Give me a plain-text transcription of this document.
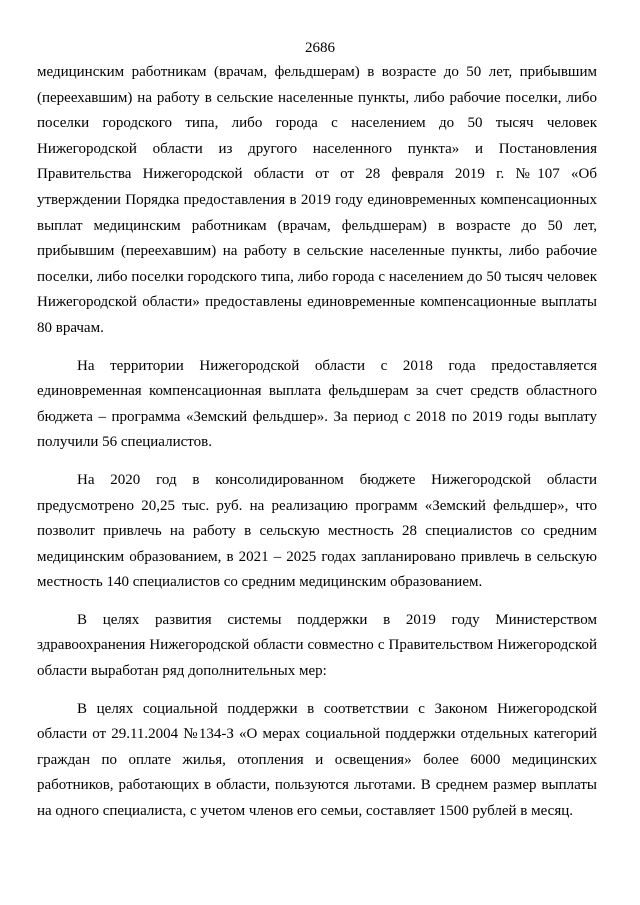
2686

медицинским работникам (врачам, фельдшерам) в возрасте до 50 лет, прибывшим (переехавшим) на работу в сельские населенные пункты, либо рабочие поселки, либо поселки городского типа, либо города с населением до 50 тысяч человек Нижегородской области из другого населенного пункта» и Постановления Правительства Нижегородской области от от 28 февраля 2019 г. №107 «Об утверждении Порядка предоставления в 2019 году единовременных компенсационных выплат медицинским работникам (врачам, фельдшерам) в возрасте до 50 лет, прибывшим (переехавшим) на работу в сельские населенные пункты, либо рабочие поселки, либо поселки городского типа, либо города с населением до 50 тысяч человек Нижегородской области» предоставлены единовременные компенсационные выплаты 80 врачам.

На территории Нижегородской области с 2018 года предоставляется единовременная компенсационная выплата фельдшерам за счет средств областного бюджета – программа «Земский фельдшер». За период с 2018 по 2019 годы выплату получили 56 специалистов.

На 2020 год в консолидированном бюджете Нижегородской области предусмотрено 20,25 тыс. руб. на реализацию программ «Земский фельдшер», что позволит привлечь на работу в сельскую местность 28 специалистов со средним медицинским образованием, в 2021 – 2025 годах запланировано привлечь в сельскую местность 140 специалистов со средним медицинским образованием.

В целях развития системы поддержки в 2019 году Министерством здравоохранения Нижегородской области совместно с Правительством Нижегородской области выработан ряд дополнительных мер:

В целях социальной поддержки в соответствии с Законом Нижегородской области от 29.11.2004 №134-З «О мерах социальной поддержки отдельных категорий граждан по оплате жилья, отопления и освещения» более 6000 медицинских работников, работающих в области, пользуются льготами. В среднем размер выплаты на одного специалиста, с учетом членов его семьи, составляет 1500 рублей в месяц.
